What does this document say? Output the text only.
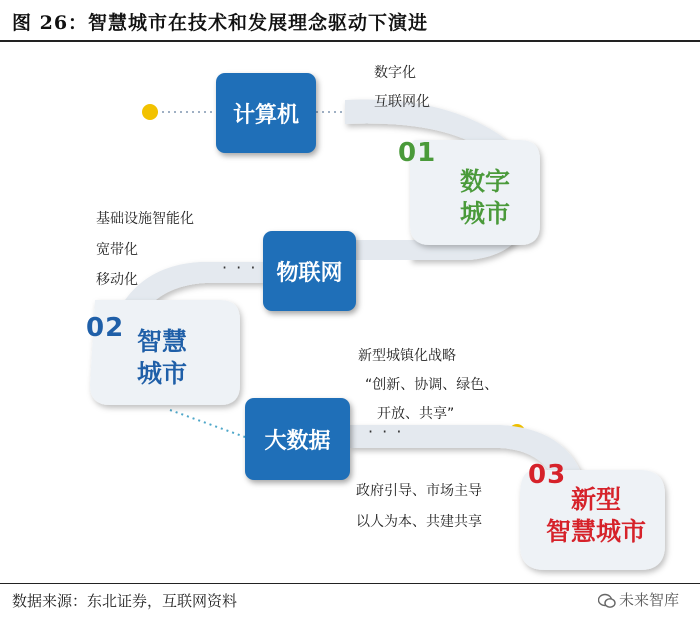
图 26：智慧城市在技术和发展理念驱动下演进
计算机
物联网
大数据
数字化
互联网化
基础设施智能化
宽带化
移动化
· · ·
新型城镇化战略
“创新、协调、绿色、
开放、共享”
· · ·
政府引导、市场主导
以人为本、共建共享
01
数字
城市
02 智慧
城市
03
新型
智慧城市
数据来源：东北证券，互联网资料	未来智库
